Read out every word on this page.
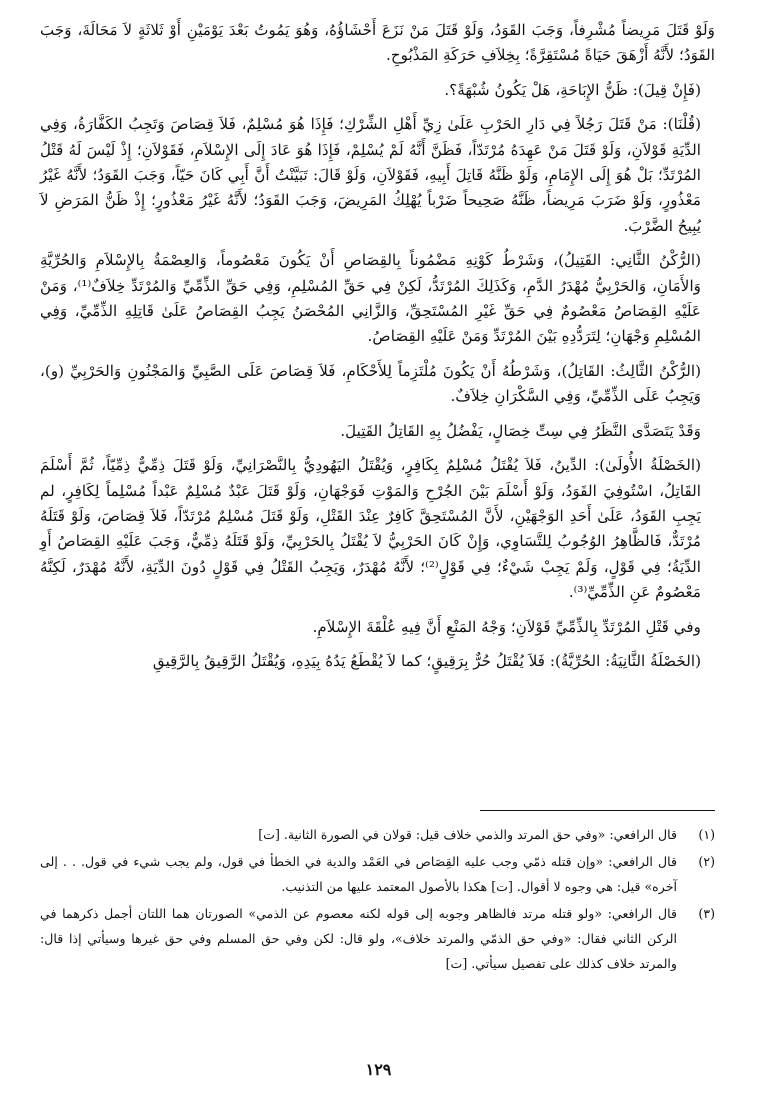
وَلَوْ قَتَلَ مَرِيضاً مُشْرِفاً، وَجَبَ القَوَدُ، وَلَوْ قَتَلَ مَنْ نَزَعَ أَحْشَاؤُهُ، وَهُوَ يَمُوتُ بَعْدَ يَوْمَيْنِ أَوْ ثَلاثَةٍ لاَ مَحَالَةَ، وَجَبَ القَوَدُ؛ لأَنَّهُ أَزْهَقَ حَيَاةً مُسْتَقِرَّةً؛ بِخِلاَفِ حَرَكَةِ المَذْبُوحِ.

(فَإِنْ قِيلَ): ظَنُّ الإِبَاحَةِ، هَلْ يَكُونُ شُبْهَةً؟.

(قُلْنَا): مَنْ قَتَلَ رَجُلاً فِي دَارِ الحَرْبِ عَلَىٰ زِيِّ أَهْلِ الشِّرْكِ؛ فَإِذَا هُوَ مُسْلِمٌ، فَلاَ قِصَاصَ وَتَجِبُ الكَفَّارَةُ، وَفِي الدِّيَةِ قَوْلاَنِ، وَلَوْ قَتَلَ مَنْ عَهِدَهُ مُرْتَدّاً، فَظَنَّ أَنَّهُ لَمْ يُسْلِمْ، فَإِذَا هُوَ عَادَ إِلَى الإِسْلاَمِ، فَقَوْلاَنِ؛ إِذْ لَيْسَ لَهُ قَتْلُ المُرْتَدِّ؛ بَلْ هُوَ إِلَى الإِمَامِ، وَلَوْ ظَنَّهُ قَاتِلَ أَبِيهِ، فَقَوْلاَنِ، وَلَوْ قَالَ: تَبَيَّنْتُ أَنَّ أَبِي كَانَ حَيّاً، وَجَبَ القَوَدُ؛ لأَنَّهُ غَيْرُ مَعْذُورٍ، وَلَوْ ضَرَبَ مَرِيضاً، ظَنَّهُ صَحِيحاً ضَرْباً يُهْلِكُ المَرِيضَ، وَجَبَ القَوَدُ؛ لأَنَّهُ غَيْرُ مَعْذُورٍ؛ إِذْ ظَنُّ المَرَضِ لاَ يُبِيحُ الضَّرْبَ.

(الرُّكْنُ الثَّانِي: القَتِيلُ)، وَشَرْطُ كَوْنِهِ مَضْمُوناً بِالقِصَاصِ أَنْ يَكُونَ مَعْصُوماً، وَالعِصْمَةُ بِالإِسْلاَمِ وَالحُرِّيَّةِ وَالأَمَانِ، وَالحَرْبِيُّ مُهْدَرُ الدَّمِ، وَكَذَلِكَ المُرْتَدُّ، لَكِنْ فِي حَقِّ المُسْلِمِ، وَفِي حَقِّ الذِّمِّيِّ وَالمُرْتَدِّ خِلاَفٌ⁽¹⁾، وَمَنْ عَلَيْهِ القِصَاصُ مَعْصُومٌ فِي حَقِّ غَيْرِ المُسْتَحِقِّ، وَالزَّانِي المُحْصَنُ يَجِبُ القِصَاصُ عَلَىٰ قَاتِلِهِ الذِّمِّيِّ، وَفِي المُسْلِمِ وَجْهَانِ؛ لِتَرَدُّدِهِ بَيْنَ المُرْتَدِّ وَمَنْ عَلَيْهِ القِصَاصُ.

(الرُّكْنُ الثَّالِثُ: القَاتِلُ)، وَشَرْطُهُ أَنْ يَكُونَ مُلْتَزِماً لِلأَحْكَامِ، فَلاَ قِصَاصَ عَلَى الصَّبِيِّ وَالمَجْنُونِ وَالحَرْبِيِّ (و)، وَيَجِبُ عَلَى الذِّمِّيِّ، وَفِي السَّكْرَانِ خِلاَفٌ.

وَقَدْ يَتَصَدَّى النَّظَرُ فِي سِتِّ خِصَالٍ، يَفْضُلُ بِهِ القَاتِلُ القَتِيلَ.

(الخَصْلَةُ الأُولَىٰ): الدِّينُ، فَلاَ يُقْتَلُ مُسْلِمٌ بِكَافِرٍ، وَيُقْتَلُ اليَهُودِيُّ بِالنَّصْرَانِيِّ، وَلَوْ قَتَلَ ذِمِّيٌّ ذِمِّيّاً، ثُمَّ أَسْلَمَ القَاتِلُ، اسْتُوفِيَ القَوَدُ، وَلَوْ أَسْلَمَ بَيْنَ الجُرْحِ وَالمَوْتِ فَوَجْهَانِ، وَلَوْ قَتَلَ عَبْدٌ مُسْلِمٌ عَبْداً مُسْلِماً لِكَافِرٍ، لم يَجِبِ القَوَدُ، عَلَىٰ أَحَدِ الوَجْهَيْنِ، لأَنَّ المُسْتَحِقَّ كَافِرٌ عِنْدَ القَتْلِ، وَلَوْ قَتَلَ مُسْلِمٌ مُرْتَدّاً، فَلاَ قِصَاصَ، وَلَوْ قَتَلَهُ مُرْتَدٌّ، فَالظَّاهِرُ الوُجُوبُ لِلتَّسَاوِي، وَإِنْ كَانَ الحَرْبِيُّ لاَ يُقْتَلُ بِالحَرْبِيِّ، وَلَوْ قَتَلَهُ ذِمِّيٌّ، وَجَبَ عَلَيْهِ القِصَاصُ أَوِ الدِّيَةُ؛ فِي قَوْلٍ، وَلَمْ يَجِبْ شَيْءٌ؛ فِي قَوْلٍ⁽²⁾؛ لأَنَّهُ مُهْدَرٌ، وَيَجِبُ القَتْلُ فِي قَوْلٍ دُونَ الدِّيَةِ، لأَنَّهُ مُهْدَرٌ، لَكِنَّهُ مَعْصُومٌ عَنِ الذِّمِّيِّ⁽³⁾.

وفي قَتْلِ المُرْتَدِّ بِالذِّمِّيِّ قَوْلاَنِ؛ وَجْهُ المَنْعِ أَنَّ فِيهِ عُلْقَةَ الإِسْلاَمِ.

(الخَصْلَةُ الثَّانِيَةُ: الحُرِّيَّةُ): فَلاَ يُقْتَلُ حُرٌّ بِرَقِيقٍ؛ كما لاَ يُقْطَعُ يَدُهُ بِيَدِهِ، وَيُقْتَلُ الرَّقِيقُ بِالرَّقِيقِ

(١)
قال الرافعي: «وفي حق المرتد والذمي خلاف قيل: قولان في الصورة الثانية. [ت]
(٢)
قال الرافعي: «وإن قتله ذمّي وجب عليه القِصَاص في العَمْد والدية في الخطأ في قول، ولم يجب شيء في قول. . . إلى آخره» قيل: هي وجوه لا أقوال. [ت] هكذا بالأصول المعتمد عليها من التذنيب.
(٣)
قال الرافعي: «ولو قتله مرتد فالظاهر وجوبه إلى قوله لكنه معصوم عن الذمي» الصورتان هما اللتان أجمل ذكرهما في الركن الثاني فقال: «وفي حق الذمّي والمرتد خلاف»، ولو قال: لكن وفي حق المسلم وفي حق غيرها وسيأتي إذا قال: والمرتد خلاف كذلك على تفصيل سيأتي. [ت]
١٢٩
